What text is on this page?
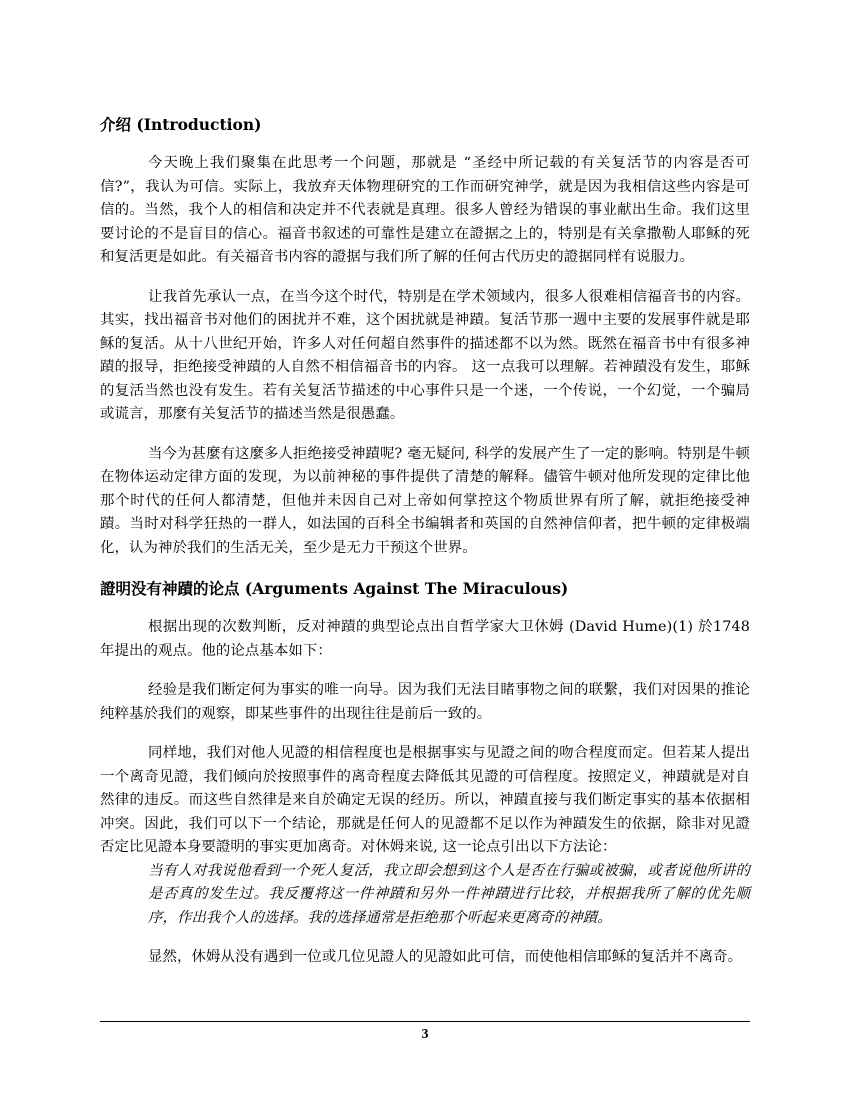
介绍 (Introduction)

今天晚上我们聚集在此思考一个问题，那就是 “圣经中所记载的有关复活节的内容是否可信?”，我认为可信。实际上，我放弃天体物理研究的工作而研究神学，就是因为我相信这些内容是可信的。当然，我个人的相信和决定并不代表就是真理。很多人曾经为错误的事业献出生命。我们这里要讨论的不是盲目的信心。福音书叙述的可靠性是建立在證据之上的，特别是有关拿撒勒人耶稣的死和复活更是如此。有关福音书内容的證据与我们所了解的任何古代历史的證据同样有说服力。

让我首先承认一点，在当今这个时代，特别是在学术领域内，很多人很难相信福音书的内容。其实，找出福音书对他们的困扰并不难，这个困扰就是神蹟。复活节那一週中主要的发展事件就是耶稣的复活。从十八世纪开始，许多人对任何超自然事件的描述都不以为然。既然在福音书中有很多神蹟的报导，拒绝接受神蹟的人自然不相信福音书的内容。 这一点我可以理解。若神蹟没有发生，耶稣的复活当然也没有发生。若有关复活节描述的中心事件只是一个迷，一个传说，一个幻觉，一个骗局或谎言，那麼有关复活节的描述当然是很愚蠢。

当今为甚麼有这麼多人拒绝接受神蹟呢? 毫无疑问, 科学的发展产生了一定的影响。特别是牛顿在物体运动定律方面的发现，为以前神秘的事件提供了清楚的解释。儘管牛顿对他所发现的定律比他那个时代的任何人都清楚，但他并未因自己对上帝如何掌控这个物质世界有所了解，就拒绝接受神蹟。当时对科学狂热的一群人，如法国的百科全书编辑者和英国的自然神信仰者，把牛顿的定律极端化，认为神於我们的生活无关，至少是无力干预这个世界。

證明没有神蹟的论点 (Arguments Against The Miraculous)

根据出现的次数判断，反对神蹟的典型论点出自哲学家大卫休姆 (David Hume)(1) 於1748年提出的观点。他的论点基本如下：

经验是我们断定何为事实的唯一向导。因为我们无法目睹事物之间的联繫，我们对因果的推论纯粹基於我们的观察，即某些事件的出现往往是前后一致的。

同样地，我们对他人见證的相信程度也是根据事实与见證之间的吻合程度而定。但若某人提出一个离奇见證，我们倾向於按照事件的离奇程度去降低其见證的可信程度。按照定义，神蹟就是对自然律的违反。而这些自然律是来自於确定无误的经历。所以，神蹟直接与我们断定事实的基本依据相冲突。因此，我们可以下一个结论，那就是任何人的见證都不足以作为神蹟发生的依据，除非对见證否定比见證本身要證明的事实更加离奇。对休姆来说, 这一论点引出以下方法论：

当有人对我说他看到一个死人复活，我立即会想到这个人是否在行骗或被骗，或者说他所讲的是否真的发生过。我反覆将这一件神蹟和另外一件神蹟进行比较，并根据我所了解的优先顺序，作出我个人的选择。我的选择通常是拒绝那个听起来更离奇的神蹟。

显然，休姆从没有遇到一位或几位见證人的见證如此可信，而使他相信耶稣的复活并不离奇。

3
